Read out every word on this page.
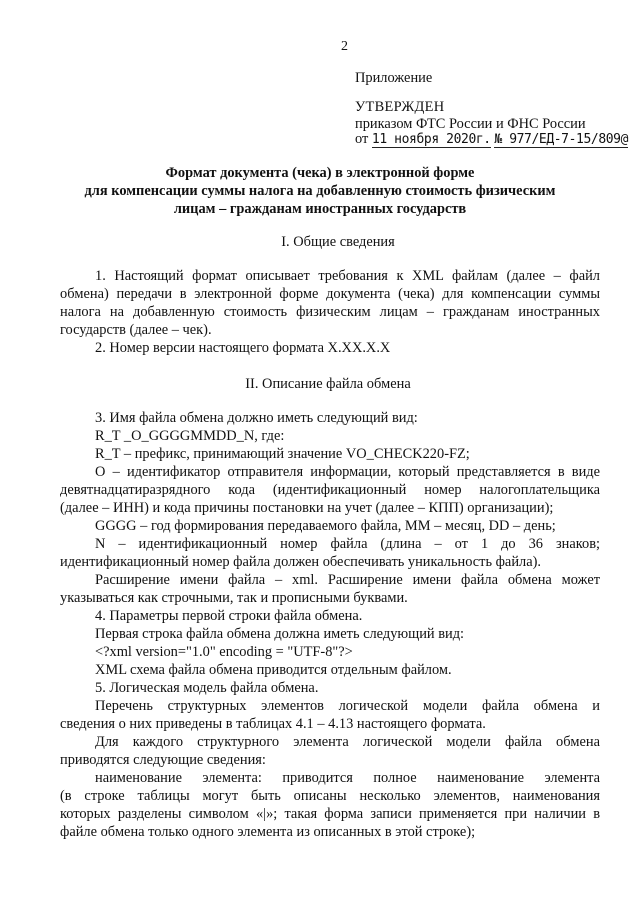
2
Приложение
УТВЕРЖДЕН
приказом ФТС России и ФНС России
от 11 ноября 2020г. № 977/ЕД-7-15/809@
Формат документа (чека) в электронной форме
для компенсации суммы налога на добавленную стоимость физическим
лицам – гражданам иностранных государств
I. Общие сведения
1. Настоящий формат описывает требования к XML файлам (далее – файл
обмена) передачи в электронной форме документа (чека) для компенсации суммы
налога на добавленную стоимость физическим лицам – гражданам иностранных
государств (далее – чек).
2. Номер версии настоящего формата X.XX.X.X
II. Описание файла обмена
3. Имя файла обмена должно иметь следующий вид:
R_T _O_GGGGMMDD_N, где:
R_T – префикс, принимающий значение VO_CHECK220-FZ;
O – идентификатор отправителя информации, который представляется в виде
девятнадцатиразрядного кода (идентификационный номер налогоплательщика
(далее – ИНН) и кода причины постановки на учет (далее – КПП) организации);
GGGG – год формирования передаваемого файла, MM – месяц, DD – день;
N – идентификационный номер файла (длина – от 1 до 36 знаков;
идентификационный номер файла должен обеспечивать уникальность файла).
Расширение имени файла – xml. Расширение имени файла обмена может
указываться как строчными, так и прописными буквами.
4. Параметры первой строки файла обмена.
Первая строка файла обмена должна иметь следующий вид:
<?xml version="1.0" encoding = "UTF-8"?>
XML схема файла обмена приводится отдельным файлом.
5. Логическая модель файла обмена.
Перечень структурных элементов логической модели файла обмена и
сведения о них приведены в таблицах 4.1 – 4.13 настоящего формата.
Для каждого структурного элемента логической модели файла обмена
приводятся следующие сведения:
наименование элемента: приводится полное наименование элемента
(в строке таблицы могут быть описаны несколько элементов, наименования
которых разделены символом «|»; такая форма записи применяется при наличии в
файле обмена только одного элемента из описанных в этой строке);
